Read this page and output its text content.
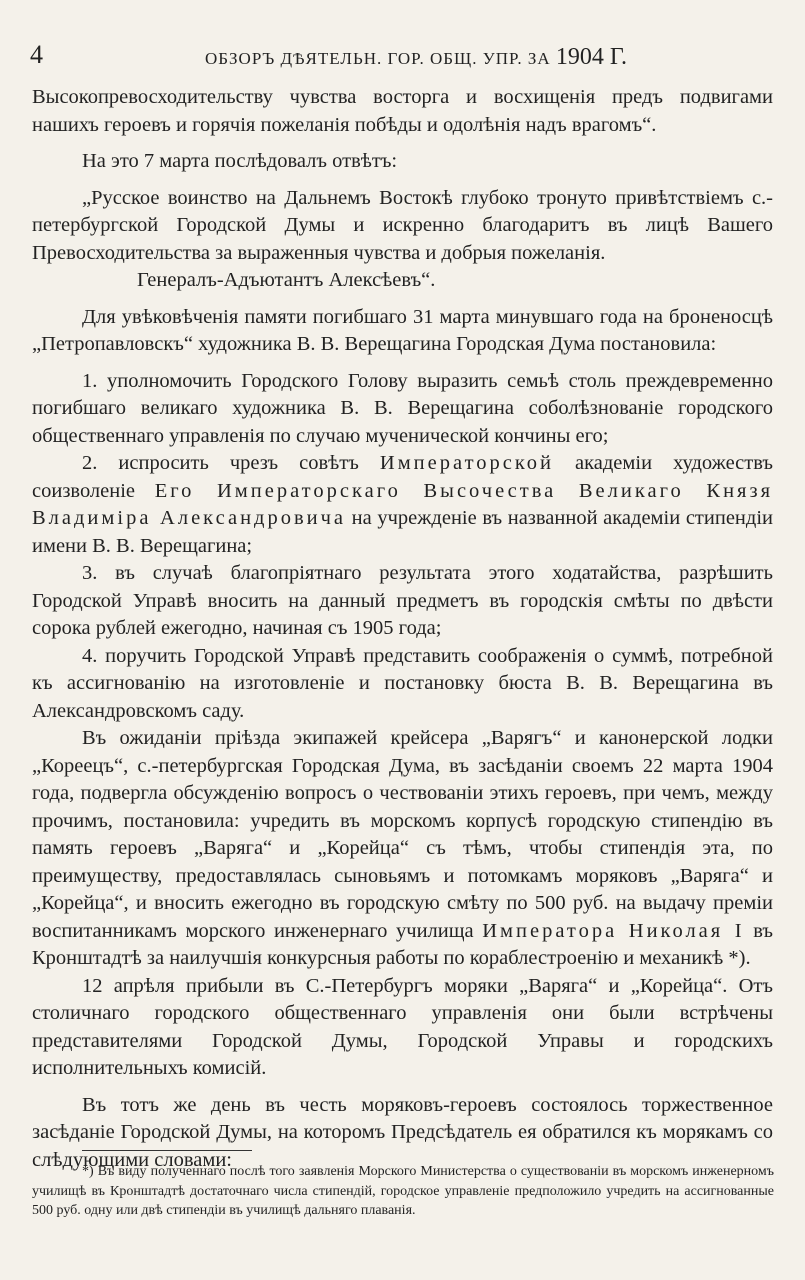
4	ОБЗОРЪ ДѢЯТЕЛЬН. ГОР. ОБЩ. УПР. ЗА 1904 Г.

Высокопревосходительству чувства восторга и восхищенія предъ подвигами нашихъ героевъ и горячія пожеланія побѣды и одолѣнія надъ врагомъ“.

На это 7 марта послѣдовалъ отвѣтъ:

„Русское воинство на Дальнемъ Востокѣ глубоко тронуто привѣтствіемъ с.-петербургской Городской Думы и искренно благодаритъ въ лицѣ Вашего Превосходительства за выраженныя чувства и добрыя пожеланія.

Генералъ-Адъютантъ Алексѣевъ“.

Для увѣковѣченія памяти погибшаго 31 марта минувшаго года на броненосцѣ „Петропавловскъ“ художника В. В. Верещагина Городская Дума постановила:

1. уполномочить Городского Голову выразить семьѣ столь преждевременно погибшаго великаго художника В. В. Верещагина соболѣзнованіе городского общественнаго управленія по случаю мученической кончины его;

2. испросить чрезъ совѣтъ Императорской академіи художествъ соизволеніе Его Императорскаго Высочества Великаго Князя Владиміра Александровича на учрежденіе въ названной академіи стипендіи имени В. В. Верещагина;

3. въ случаѣ благопріятнаго результата этого ходатайства, разрѣшить Городской Управѣ вносить на данный предметъ въ городскія смѣты по двѣсти сорока рублей ежегодно, начиная съ 1905 года;

4. поручить Городской Управѣ представить соображенія о суммѣ, потребной къ ассигнованію на изготовленіе и постановку бюста В. В. Верещагина въ Александровскомъ саду.

Въ ожиданіи пріѣзда экипажей крейсера „Варягъ“ и канонерской лодки „Кореецъ“, с.-петербургская Городская Дума, въ засѣданіи своемъ 22 марта 1904 года, подвергла обсужденію вопросъ о чествованіи этихъ героевъ, при чемъ, между прочимъ, постановила: учредить въ морскомъ корпусѣ городскую стипендію въ память героевъ „Варяга“ и „Корейца“ съ тѣмъ, чтобы стипендія эта, по преимуществу, предоставлялась сыновьямъ и потомкамъ моряковъ „Варяга“ и „Корейца“, и вносить ежегодно въ городскую смѣту по 500 руб. на выдачу преміи воспитанникамъ морского инженернаго училища Императора Николая I въ Кронштадтѣ за наилучшія конкурсныя работы по кораблестроенію и механикѣ *).

12 апрѣля прибыли въ С.-Петербургъ моряки „Варяга“ и „Корейца“. Отъ столичнаго городского общественнаго управленія они были встрѣчены представителями Городской Думы, Городской Управы и городскихъ исполнительныхъ комисій.

Въ тотъ же день въ честь моряковъ-героевъ состоялось торжественное засѣданіе Городской Думы, на которомъ Предсѣдатель ея обратился къ морякамъ со слѣдующими словами:

*) Въ виду полученнаго послѣ того заявленія Морского Министерства о существованіи въ морскомъ инженерномъ училищѣ въ Кронштадтѣ достаточнаго числа стипендій, городское управленіе предположило учредить на ассигнованные 500 руб. одну или двѣ стипендіи въ училищѣ дальняго плаванія.
